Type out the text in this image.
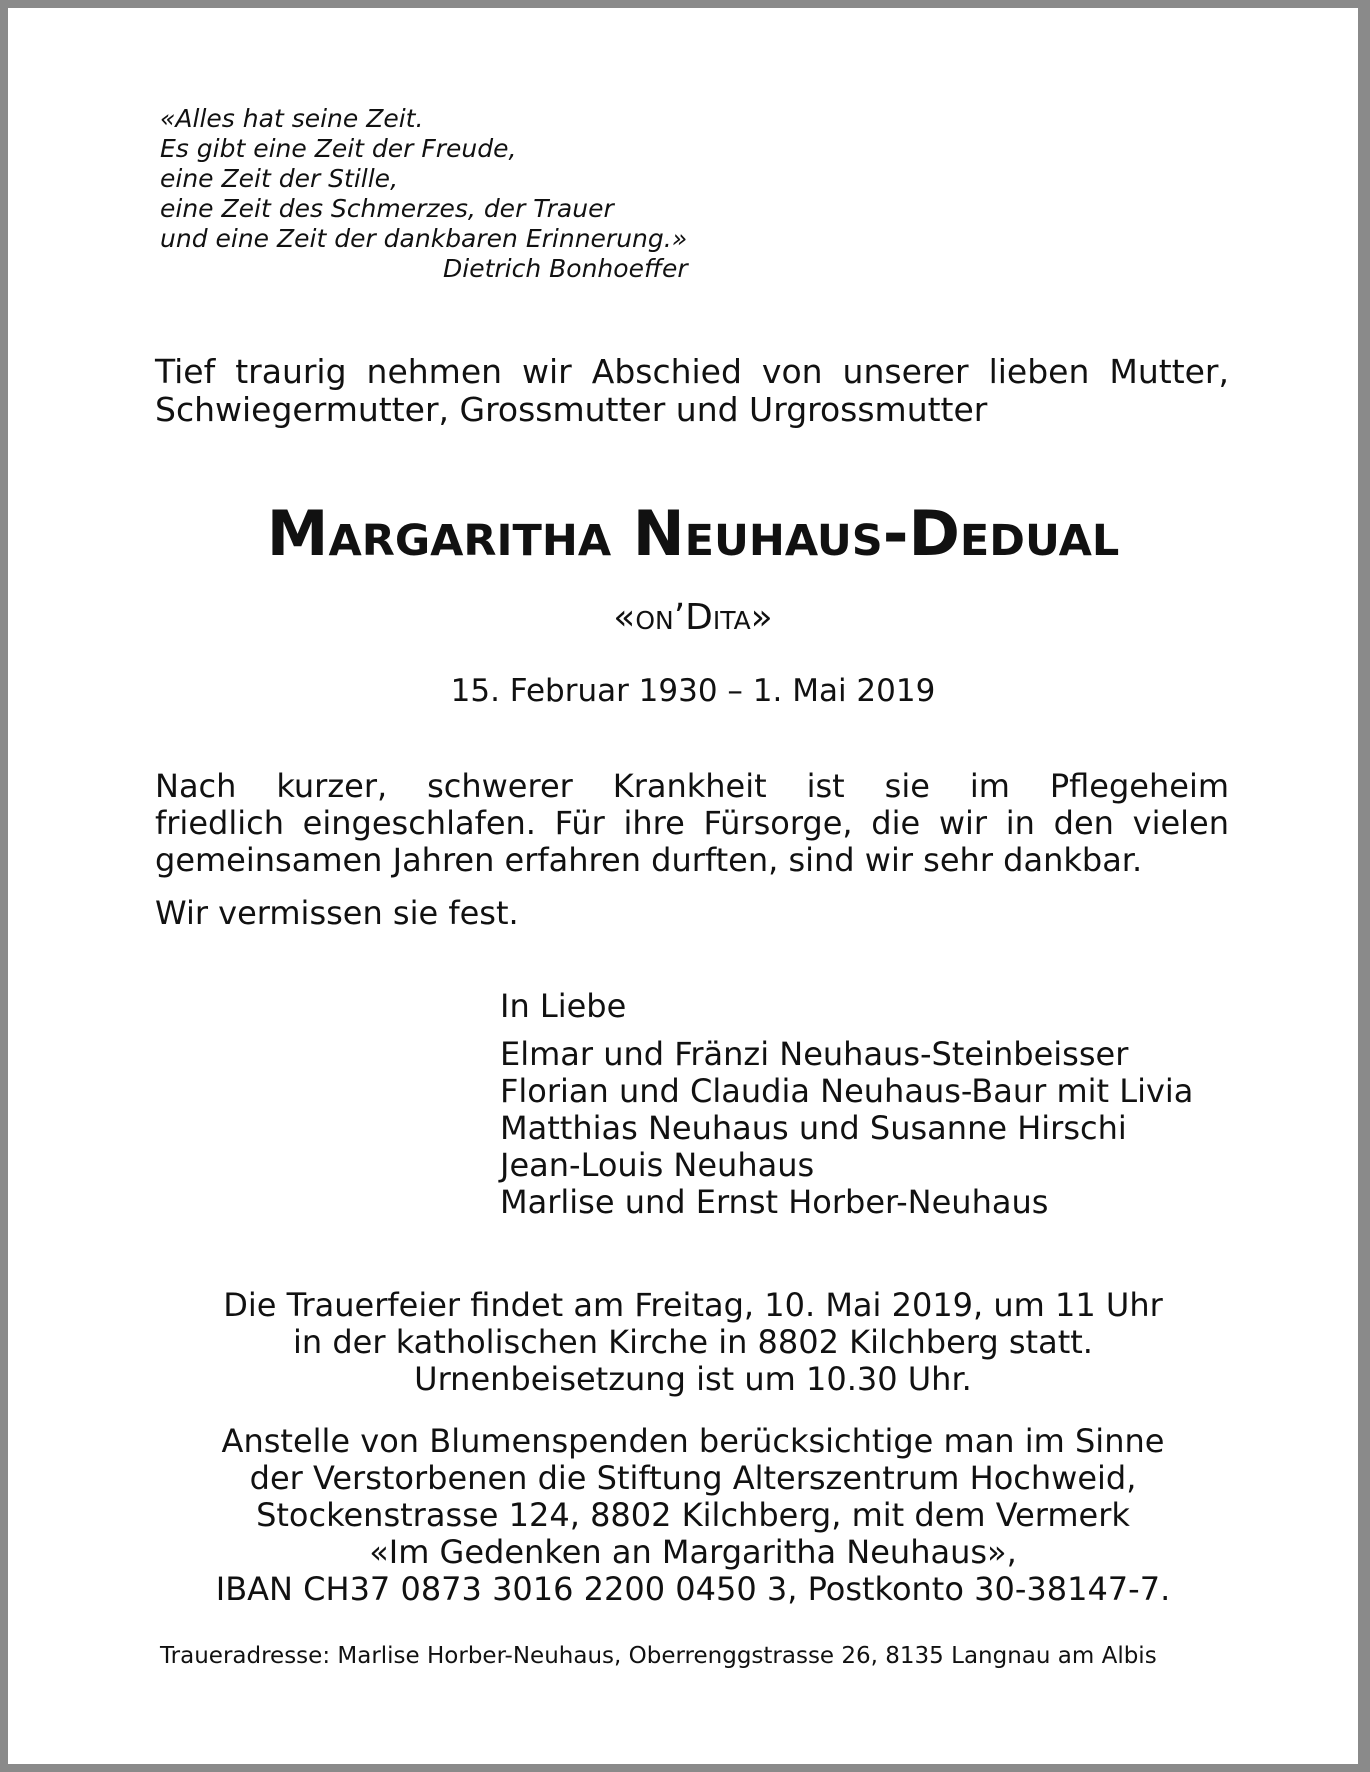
«Alles hat seine Zeit.
Es gibt eine Zeit der Freude,
eine Zeit der Stille,
eine Zeit des Schmerzes, der Trauer
und eine Zeit der dankbaren Erinnerung.»
Dietrich Bonhoeffer
Tief traurig nehmen wir Abschied von unserer lieben Mutter,
Schwiegermutter, Grossmutter und Urgrossmutter
Margaritha Neuhaus-Dedual
«on’Dita»
15. Februar 1930 – 1. Mai 2019
Nach kurzer, schwerer Krankheit ist sie im Pflegeheim
friedlich eingeschlafen. Für ihre Fürsorge, die wir in den vielen
gemeinsamen Jahren erfahren durften, sind wir sehr dankbar.
Wir vermissen sie fest.
In Liebe
Elmar und Fränzi Neuhaus-Steinbeisser
Florian und Claudia Neuhaus-Baur mit Livia
Matthias Neuhaus und Susanne Hirschi
Jean-Louis Neuhaus
Marlise und Ernst Horber-Neuhaus
Die Trauerfeier findet am Freitag, 10. Mai 2019, um 11 Uhr
in der katholischen Kirche in 8802 Kilchberg statt.
Urnenbeisetzung ist um 10.30 Uhr.
Anstelle von Blumenspenden berücksichtige man im Sinne
der Verstorbenen die Stiftung Alterszentrum Hochweid,
Stockenstrasse 124, 8802 Kilchberg, mit dem Vermerk
«Im Gedenken an Margaritha Neuhaus»,
IBAN CH37 0873 3016 2200 0450 3, Postkonto 30-38147-7.
Traueradresse: Marlise Horber-Neuhaus, Oberrenggstrasse 26, 8135 Langnau am Albis
